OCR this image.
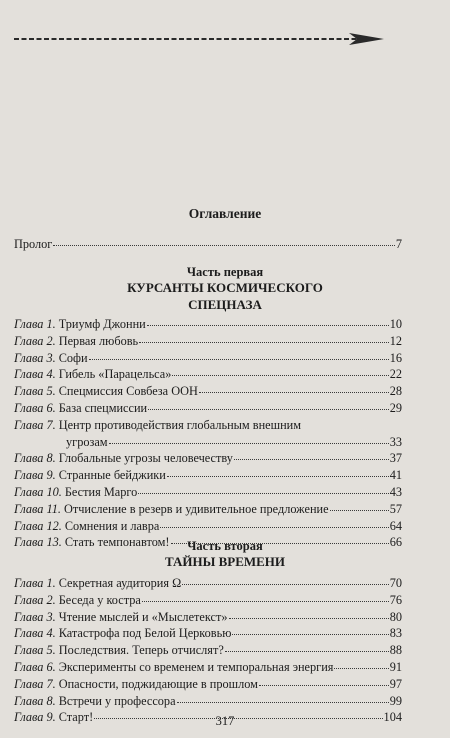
Оглавление
Пролог	7
Часть первая
КУРСАНТЫ КОСМИЧЕСКОГО
СПЕЦНАЗА
Глава 1. Триумф Джонни	10
Глава 2. Первая любовь	12
Глава 3. Софи	16
Глава 4. Гибель «Парацельса»	22
Глава 5. Спецмиссия Совбеза ООН	28
Глава 6. База спецмиссии	29
Глава 7. Центр противодействия глобальным внешним
угрозам	33
Глава 8. Глобальные угрозы человечеству	37
Глава 9. Странные бейджики	41
Глава 10. Бестия Марго	43
Глава 11. Отчисление в резерв и удивительное предложение	57
Глава 12. Сомнения и лавра	64
Глава 13. Стать темпонавтом!	66
Часть вторая
ТАЙНЫ ВРЕМЕНИ
Глава 1. Секретная аудитория Ω	70
Глава 2. Беседа у костра	76
Глава 3. Чтение мыслей и «Мыслетекст»	80
Глава 4. Катастрофа под Белой Церковью	83
Глава 5. Последствия. Теперь отчислят?	88
Глава 6. Эксперименты со временем и темпоральная энергия	91
Глава 7. Опасности, поджидающие в прошлом	97
Глава 8. Встречи у профессора	99
Глава 9. Старт!	104
317
